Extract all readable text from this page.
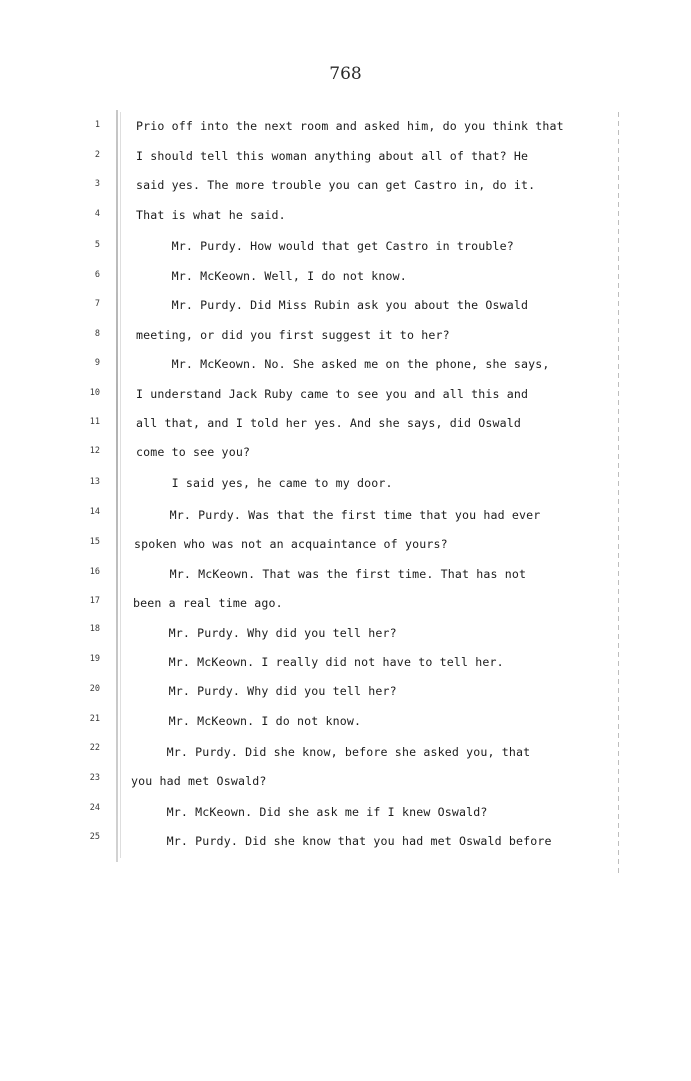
768
1
2
3
4
5
6
7
8
9
10
11
12
13
14
15
16
17
18
19
20
21
22
23
24
25
Prio off into the next room and asked him, do you think that
I should tell this woman anything about all of that? He
said yes. The more trouble you can get Castro in, do it.
That is what he said.
Mr. Purdy. How would that get Castro in trouble?
Mr. McKeown. Well, I do not know.
Mr. Purdy. Did Miss Rubin ask you about the Oswald
meeting, or did you first suggest it to her?
Mr. McKeown. No. She asked me on the phone, she says,
I understand Jack Ruby came to see you and all this and
all that, and I told her yes. And she says, did Oswald
come to see you?
I said yes, he came to my door.
Mr. Purdy. Was that the first time that you had ever
spoken who was not an acquaintance of yours?
Mr. McKeown. That was the first time. That has not
been a real time ago.
Mr. Purdy. Why did you tell her?
Mr. McKeown. I really did not have to tell her.
Mr. Purdy. Why did you tell her?
Mr. McKeown. I do not know.
Mr. Purdy. Did she know, before she asked you, that
you had met Oswald?
Mr. McKeown. Did she ask me if I knew Oswald?
Mr. Purdy. Did she know that you had met Oswald before
